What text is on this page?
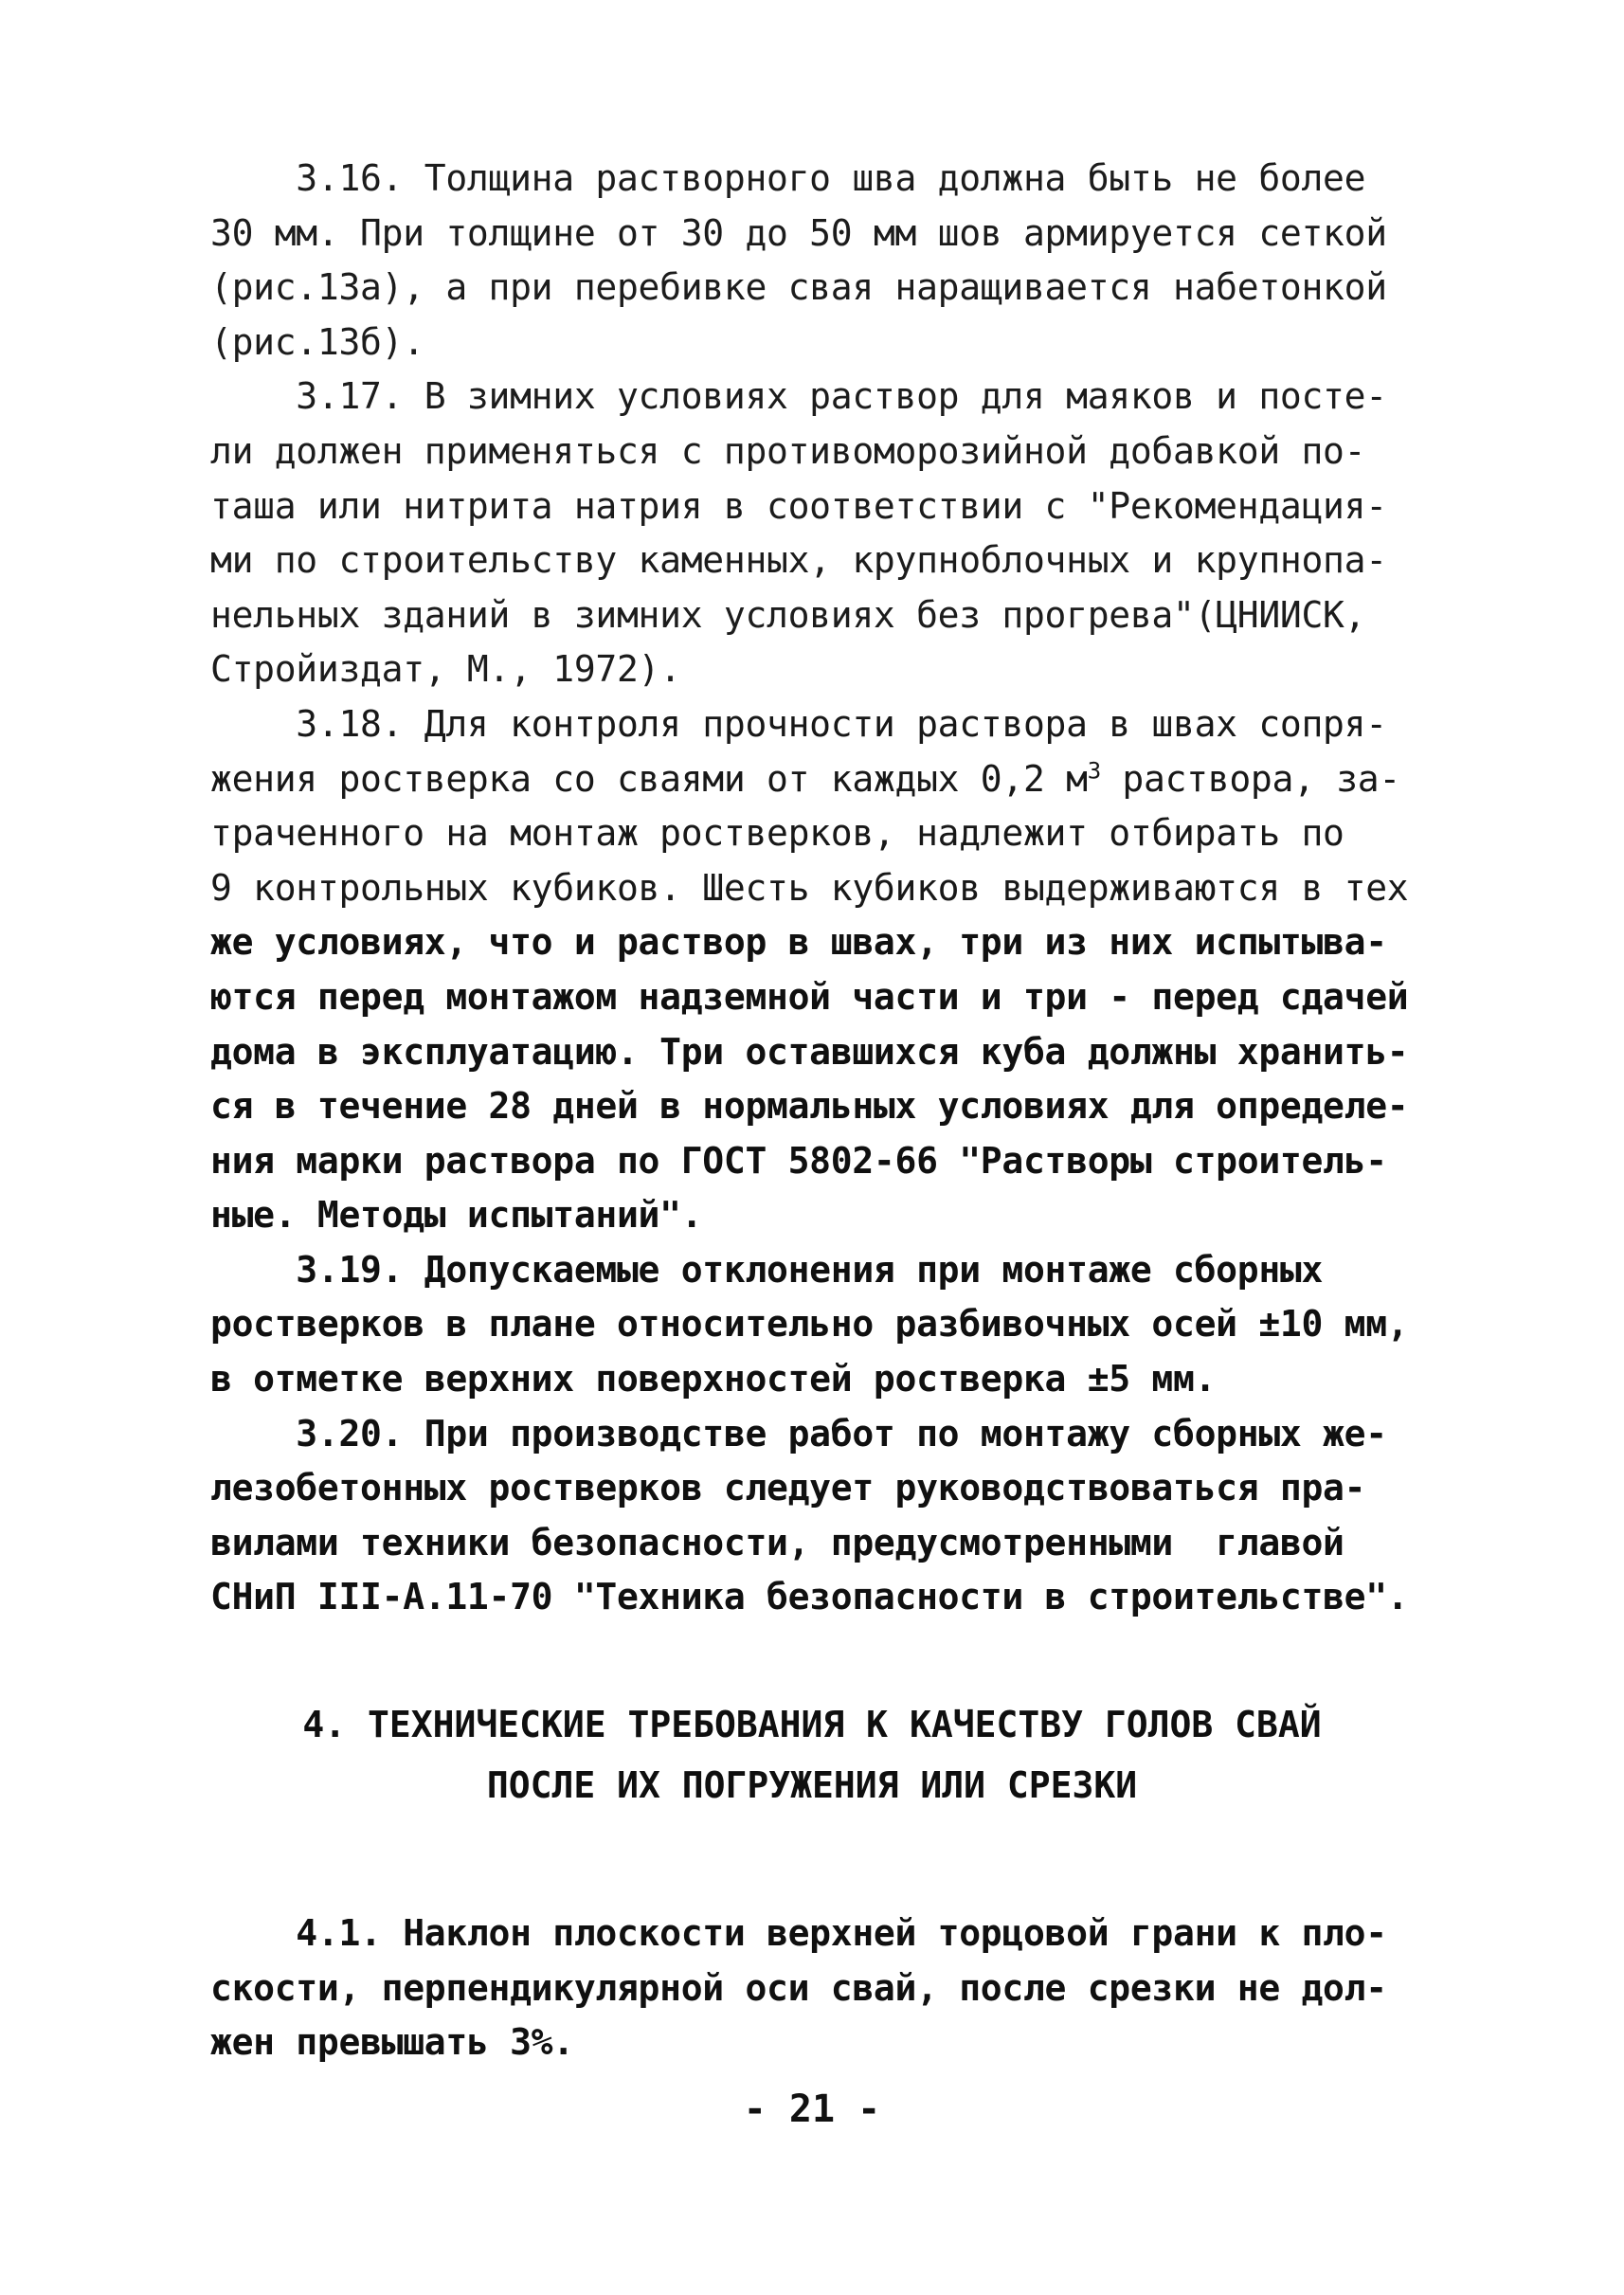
3.16. Толщина растворного шва должна быть не более
30 мм. При толщине от 30 до 50 мм шов армируется сеткой
(рис.13а), а при перебивке свая наращивается набетонкой
(рис.13б).
3.17. В зимних условиях раствор для маяков и посте-
ли должен применяться с противоморозийной добавкой по-
таша или нитрита натрия в соответствии с "Рекомендация-
ми по строительству каменных, крупноблочных и крупнопа-
нельных зданий в зимних условиях без прогрева"(ЦНИИСК,
Стройиздат, М., 1972).
3.18. Для контроля прочности раствора в швах сопря-
жения ростверка со сваями от каждых 0,2 $м^3$ раствора, за-
траченного на монтаж ростверков, надлежит отбирать по
9 контрольных кубиков. Шесть кубиков выдерживаются в тех
же условиях, что и раствор в швах, три из них испытыва-
ются перед монтажом надземной части и три - перед сдачей
дома в эксплуатацию. Три оставшихся куба должны хранить-
ся в течение 28 дней в нормальных условиях для определе-
ния марки раствора по ГОСТ 5802-66 "Растворы строитель-
ные. Методы испытаний".
3.19. Допускаемые отклонения при монтаже сборных
ростверков в плане относительно разбивочных осей ±10 мм,
в отметке верхних поверхностей ростверка ±5 мм.
3.20. При производстве работ по монтажу сборных же-
лезобетонных ростверков следует руководствоваться пра-
вилами техники безопасности, предусмотренными  главой
СНиП III-А.11-70 "Техника безопасности в строительстве".
4. ТЕХНИЧЕСКИЕ ТРЕБОВАНИЯ К КАЧЕСТВУ ГОЛОВ СВАЙ
ПОСЛЕ ИХ ПОГРУЖЕНИЯ ИЛИ СРЕЗКИ
4.1. Наклон плоскости верхней торцовой грани к пло-
скости, перпендикулярной оси свай, после срезки не дол-
жен превышать 3%.
- 21 -
